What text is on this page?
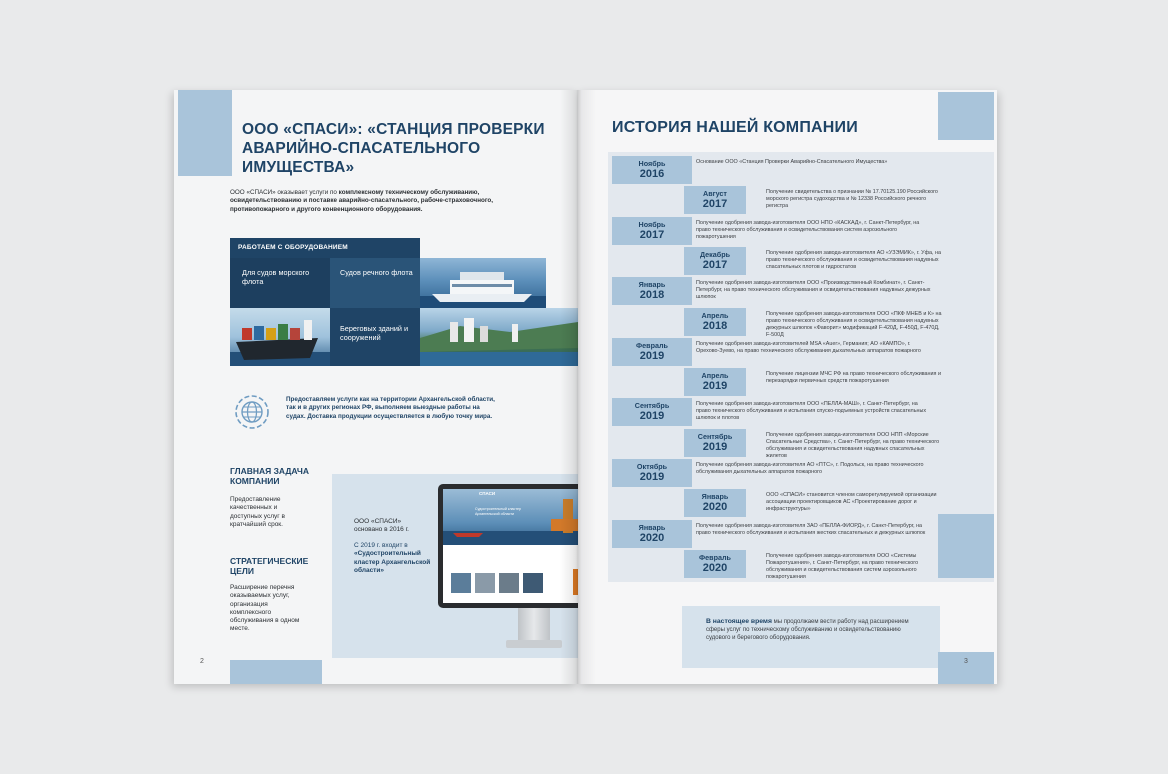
ООО «СПАСИ»: «СТАНЦИЯ ПРОВЕРКИ
АВАРИЙНО-СПАСАТЕЛЬНОГО
ИМУЩЕСТВА»
ООО «СПАСИ» оказывает услуги по комплексному техническому обслуживанию, освидетельствованию и поставке аварийно-спасательного, рабоче-страховочного, противопожарного и другого конвенционного оборудования.
РАБОТАЕМ С ОБОРУДОВАНИЕМ
Для судов морского флота
Судов речного флота
Береговых зданий и сооружений
Предоставляем услуги как на территории Архангельской области, так и в других регионах РФ, выполняем выездные работы на судах. Доставка продукции осуществляется в любую точку мира.
ГЛАВНАЯ ЗАДАЧА КОМПАНИИ
Предоставление качественных и доступных услуг в кратчайший срок.
СТРАТЕГИЧЕСКИЕ ЦЕЛИ
Расширение перечня оказываемых услуг, организация комплексного обслуживания в одном месте.
ООО «СПАСИ» основано в 2016 г.
С 2019 г. входит в «Судостроительный кластер Архангельской области»
2
СПАСИ
Судостроительный кластер Архангельской области
ИСТОРИЯ НАШЕЙ КОМПАНИИ
Ноябрь
2016
Основание ООО «Станция Проверки Аварийно-Спасательного Имущества»
Август
2017
Получение свидетельства о признании № 17.70125.190 Российского морского регистра судоходства и № 12338 Российского речного регистра
Ноябрь
2017
Получение одобрения завода-изготовителя ООО НПО «КАСКАД», г. Санкт-Петербург, на право технического обслуживания и освидетельствования систем аэрозольного пожаротушения
Декабрь
2017
Получение одобрения завода-изготовителя АО «УЗЭМИК», г. Уфа, на право технического обслуживания и освидетельствования надувных спасательных плотов и гидростатов
Январь
2018
Получение одобрения завода-изготовителя ООО «Производственный Комбинат», г. Санкт-Петербург, на право технического обслуживания и освидетельствования надувных дежурных шлюпок
Апрель
2018
Получение одобрения завода-изготовителя ООО «ПКФ МНЕВ и К» на право технического обслуживания и освидетельствования надувных дежурных шлюпок «Фаворит» модификаций F-420Д, F-450Д, F-470Д, F-500Д
Февраль
2019
Получение одобрения завода-изготовителей MSA «Auer», Германия; АО «КАМПО», г. Орехово-Зуево, на право технического обслуживания дыхательных аппаратов пожарного
Апрель
2019
Получение лицензии МЧС РФ на право технического обслуживания и перезарядки первичных средств пожаротушения
Сентябрь
2019
Получение одобрения завода-изготовителя ООО «ПЕЛЛА-МАШ», г. Санкт-Петербург, на право технического обслуживания и испытания спуско-подъемных устройств спасательных шлюпок и плотов
Сентябрь
2019
Получение одобрения завода-изготовителя ООО НПП «Морские Спасательные Средства», г. Санкт-Петербург, на право технического обслуживания и освидетельствования надувных спасательных жилетов
Октябрь
2019
Получение одобрения завода-изготовителя АО «ПТС», г. Подольск, на право технического обслуживания дыхательных аппаратов пожарного
Январь
2020
ООО «СПАСИ» становится членом саморегулируемой организации ассоциации проектировщиков АС «Проектирование дорог и инфраструктуры»
Январь
2020
Получение одобрения завода-изготовителя ЗАО «ПЕЛЛА-ФИОРД», г. Санкт-Петербург, на право технического обслуживания и испытания жестких спасательных и дежурных шлюпок
Февраль
2020
Получение одобрения завода-изготовителя ООО «Системы Пожаротушения», г. Санкт-Петербург, на право технического обслуживания и освидетельствования систем аэрозольного пожаротушения
В настоящее время мы продолжаем вести работу над расширением сферы услуг по техническому обслуживанию и освидетельствованию судового и берегового оборудования.
3
